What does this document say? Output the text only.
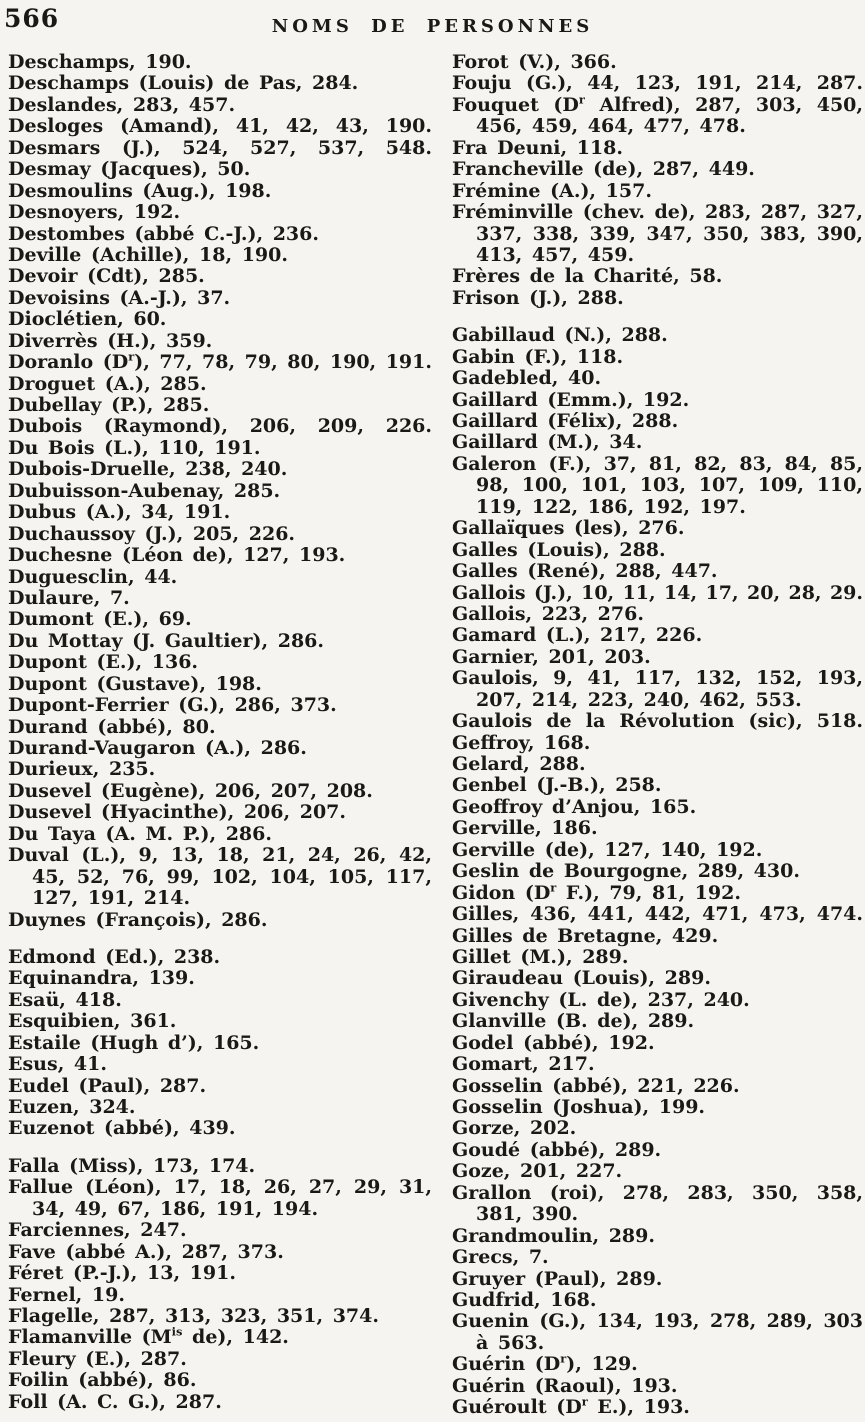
566	NOMS DE PERSONNES
Deschamps, 190.
Deschamps (Louis) de Pas, 284.
Deslandes, 283, 457.
Desloges (Amand), 41, 42, 43, 190.
Desmars (J.), 524, 527, 537, 548.
Desmay (Jacques), 50.
Desmoulins (Aug.), 198.
Desnoyers, 192.
Destombes (abbé C.-J.), 236.
Deville (Achille), 18, 190.
Devoir (Cdt), 285.
Devoisins (A.-J.), 37.
Dioclétien, 60.
Diverrès (H.), 359.
Doranlo $(D^r)$, 77, 78, 79, 80, 190, 191.
Droguet (A.), 285.
Dubellay (P.), 285.
Dubois (Raymond), 206, 209, 226.
Du Bois (L.), 110, 191.
Dubois-Druelle, 238, 240.
Dubuisson-Aubenay, 285.
Dubus (A.), 34, 191.
Duchaussoy (J.), 205, 226.
Duchesne (Léon de), 127, 193.
Duguesclin, 44.
Dulaure, 7.
Dumont (E.), 69.
Du Mottay (J. Gaultier), 286.
Dupont (E.), 136.
Dupont (Gustave), 198.
Dupont-Ferrier (G.), 286, 373.
Durand (abbé), 80.
Durand-Vaugaron (A.), 286.
Durieux, 235.
Dusevel (Eugène), 206, 207, 208.
Dusevel (Hyacinthe), 206, 207.
Du Taya (A. M. P.), 286.
Duval (L.), 9, 13, 18, 21, 24, 26, 42,
45, 52, 76, 99, 102, 104, 105, 117,
127, 191, 214.
Duynes (François), 286.
Edmond (Ed.), 238.
Equinandra, 139.
Esaü, 418.
Esquibien, 361.
Estaile (Hugh d’), 165.
Esus, 41.
Eudel (Paul), 287.
Euzen, 324.
Euzenot (abbé), 439.
Falla (Miss), 173, 174.
Fallue (Léon), 17, 18, 26, 27, 29, 31,
34, 49, 67, 186, 191, 194.
Farciennes, 247.
Fave (abbé A.), 287, 373.
Féret (P.-J.), 13, 191.
Fernel, 19.
Flagelle, 287, 313, 323, 351, 374.
Flamanville ($M^{is}$ de), 142.
Fleury (E.), 287.
Foilin (abbé), 86.
Foll (A. C. G.), 287.
Forot (V.), 366.
Fouju (G.), 44, 123, 191, 214, 287.
Fouquet ($D^r$ Alfred), 287, 303, 450,
456, 459, 464, 477, 478.
Fra Deuni, 118.
Francheville (de), 287, 449.
Frémine (A.), 157.
Fréminville (chev. de), 283, 287, 327,
337, 338, 339, 347, 350, 383, 390,
413, 457, 459.
Frères de la Charité, 58.
Frison (J.), 288.
Gabillaud (N.), 288.
Gabin (F.), 118.
Gadebled, 40.
Gaillard (Emm.), 192.
Gaillard (Félix), 288.
Gaillard (M.), 34.
Galeron (F.), 37, 81, 82, 83, 84, 85,
98, 100, 101, 103, 107, 109, 110,
119, 122, 186, 192, 197.
Gallaïques (les), 276.
Galles (Louis), 288.
Galles (René), 288, 447.
Gallois (J.), 10, 11, 14, 17, 20, 28, 29.
Gallois, 223, 276.
Gamard (L.), 217, 226.
Garnier, 201, 203.
Gaulois, 9, 41, 117, 132, 152, 193,
207, 214, 223, 240, 462, 553.
Gaulois de la Révolution (sic), 518.
Geffroy, 168.
Gelard, 288.
Genbel (J.-B.), 258.
Geoffroy d’Anjou, 165.
Gerville, 186.
Gerville (de), 127, 140, 192.
Geslin de Bourgogne, 289, 430.
Gidon ($D^r$ F.), 79, 81, 192.
Gilles, 436, 441, 442, 471, 473, 474.
Gilles de Bretagne, 429.
Gillet (M.), 289.
Giraudeau (Louis), 289.
Givenchy (L. de), 237, 240.
Glanville (B. de), 289.
Godel (abbé), 192.
Gomart, 217.
Gosselin (abbé), 221, 226.
Gosselin (Joshua), 199.
Gorze, 202.
Goudé (abbé), 289.
Goze, 201, 227.
Grallon (roi), 278, 283, 350, 358,
381, 390.
Grandmoulin, 289.
Grecs, 7.
Gruyer (Paul), 289.
Gudfrid, 168.
Guenin (G.), 134, 193, 278, 289, 303
à 563.
Guérin $(D^r)$, 129.
Guérin (Raoul), 193.
Guéroult ($D^r$ E.), 193.
